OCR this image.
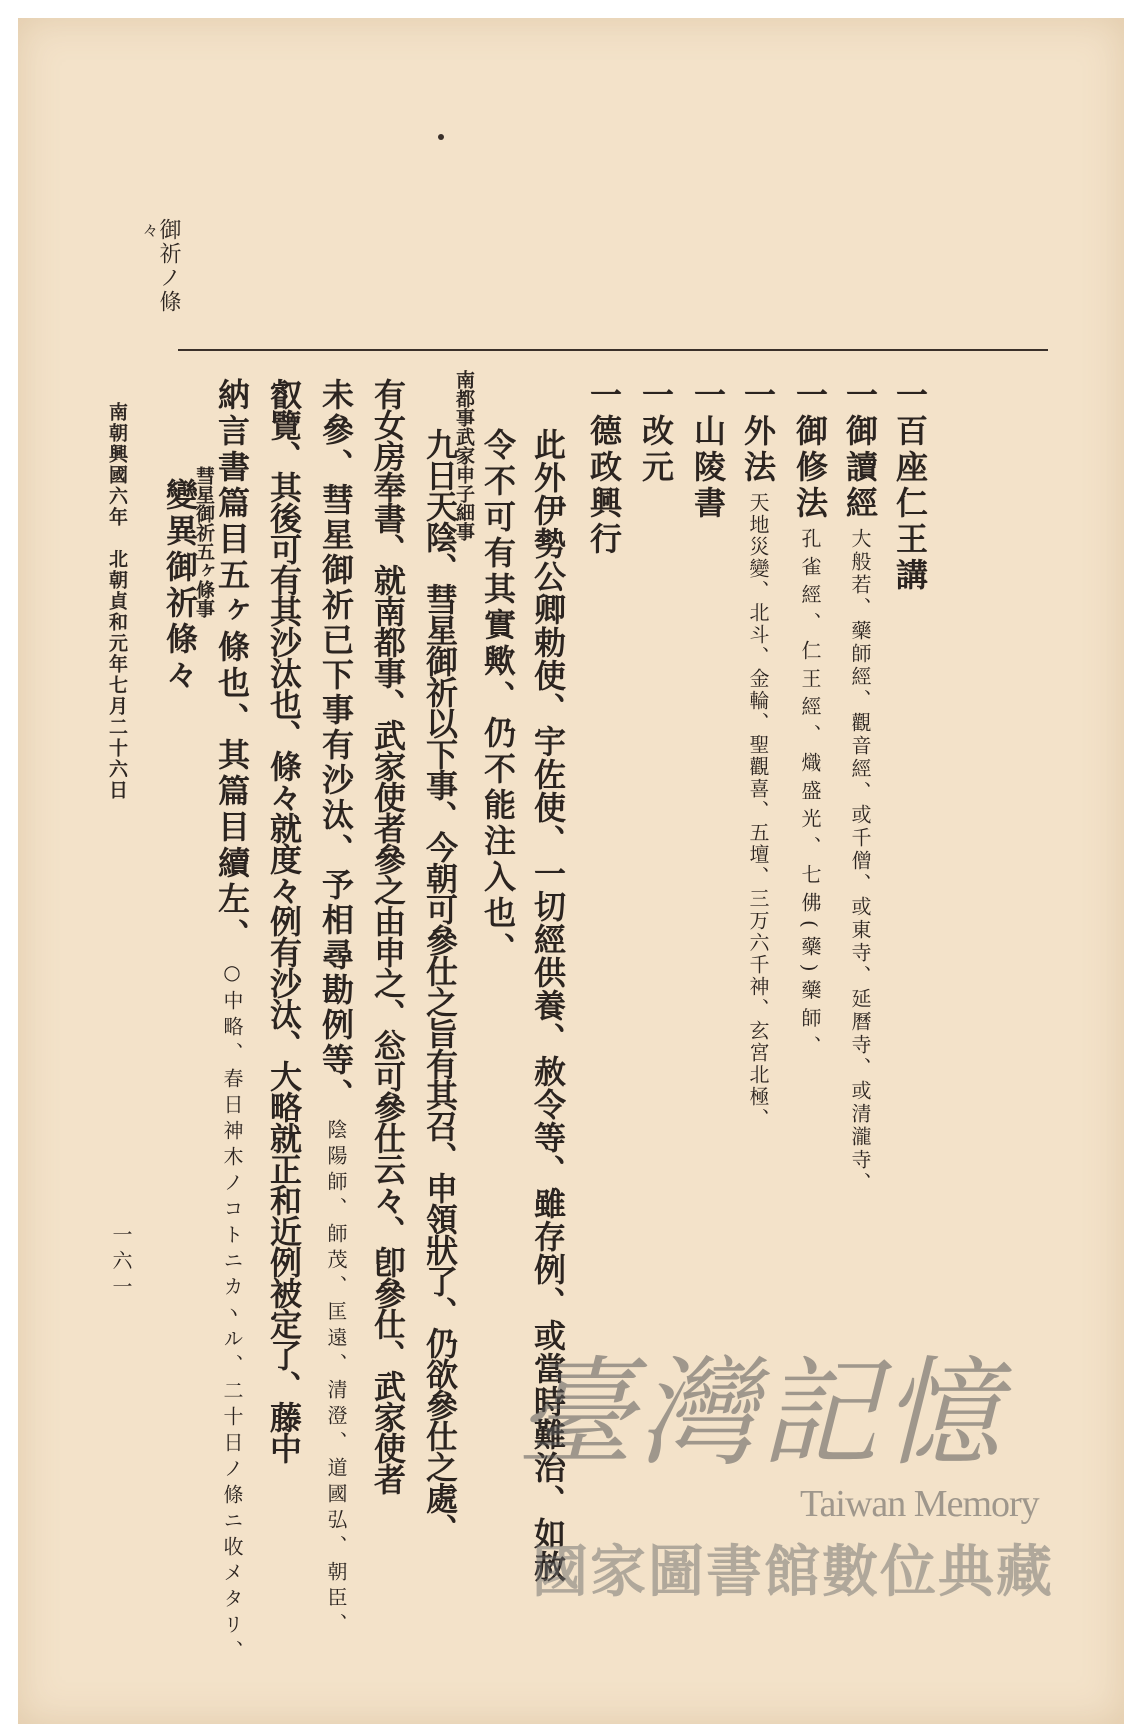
御祈ノ條
々
一百座仁王講
一御讀經大般若、藥師經、觀音經、或千僧、或東寺、延曆寺、或清瀧寺、
一御修法孔雀經、仁王經、熾盛光、七佛(藥)藥師、
一外法天地災變、北斗、金輪、聖觀喜、五壇、三万六千神、玄宮北極、
一山陵書
一改元
一德政興行
此外伊勢公卿勅使、宇佐使、一切經供養、赦令等、雖存例、或當時難治、如赦
令不可有其實歟、仍不能注入也、
南都事武家申子細事
九日天陰、彗星御祈以下事、今朝可參仕之旨有其召、申領狀了、仍欲參仕之處、
有女房奉書、就南都事、武家使者參之由申之、忩可參仕云々、卽參仕、武家使者
未參、彗星御祈已下事有沙汰、予相尋勘例等、陰陽師、師茂、匡遠、清澄、道國弘、朝臣、
叡覽、其後可有其沙汰也、條々就度々例有沙汰、大略就正和近例被定了、藤中
彗星御祈五ヶ條事
納言書篇目五ヶ條也、其篇目續左、○中略、春日神木ノコトニカヽル、二十日ノ條ニ收メタリ、
變異御祈條々
南朝興國六年　北朝貞和元年七月二十六日
一六一
臺灣記憶
Taiwan Memory
國家圖書館數位典藏
